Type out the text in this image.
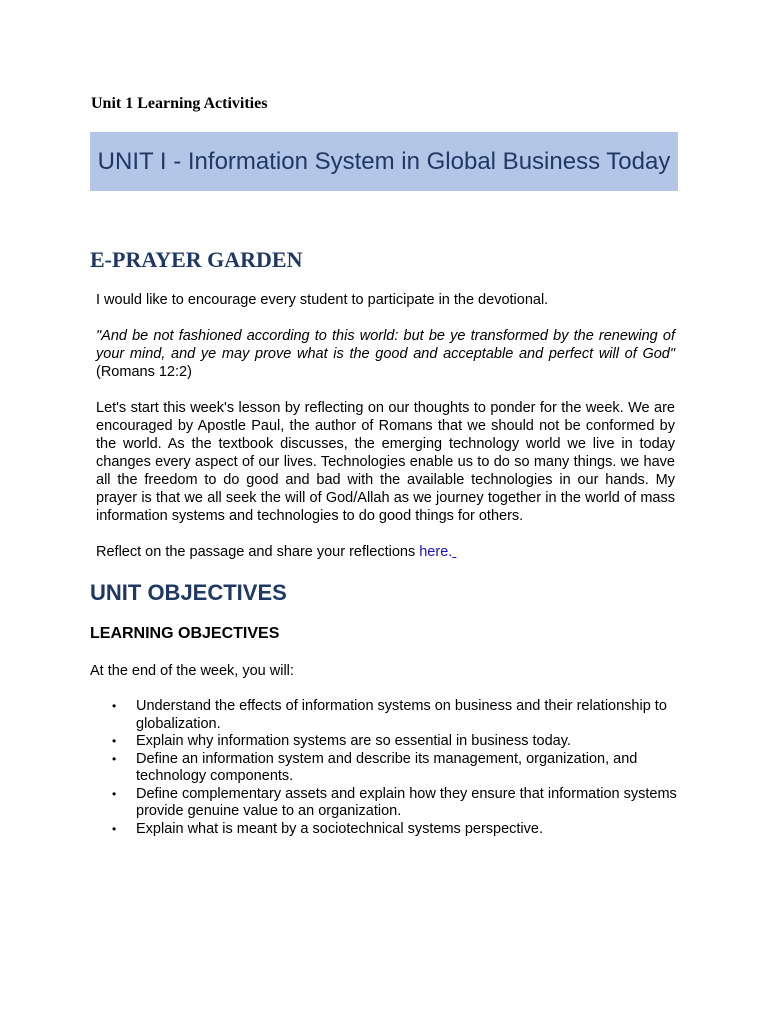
Unit 1 Learning Activities
UNIT I - Information System in Global Business Today
E-PRAYER GARDEN

I would like to encourage every student to participate in the devotional.

"And be not fashioned according to this world: but be ye transformed by the renewing of your mind, and ye may prove what is the good and acceptable and perfect will of God" (Romans 12:2)

Let's start this week's lesson by reflecting on our thoughts to ponder for the week. We are encouraged by Apostle Paul, the author of Romans that we should not be conformed by the world. As the textbook discusses, the emerging technology world we live in today changes every aspect of our lives. Technologies enable us to do so many things. we have all the freedom to do good and bad with the available technologies in our hands. My prayer is that we all seek the will of God/Allah as we journey together in the world of mass information systems and technologies to do good things for others.

Reflect on the passage and share your reflections here.

UNIT OBJECTIVES
LEARNING OBJECTIVES

At the end of the week, you will:

• Understand the effects of information systems on business and their relationship to globalization.
• Explain why information systems are so essential in business today.
• Define an information system and describe its management, organization, and technology components.
• Define complementary assets and explain how they ensure that information systems provide genuine value to an organization.
• Explain what is meant by a sociotechnical systems perspective.
